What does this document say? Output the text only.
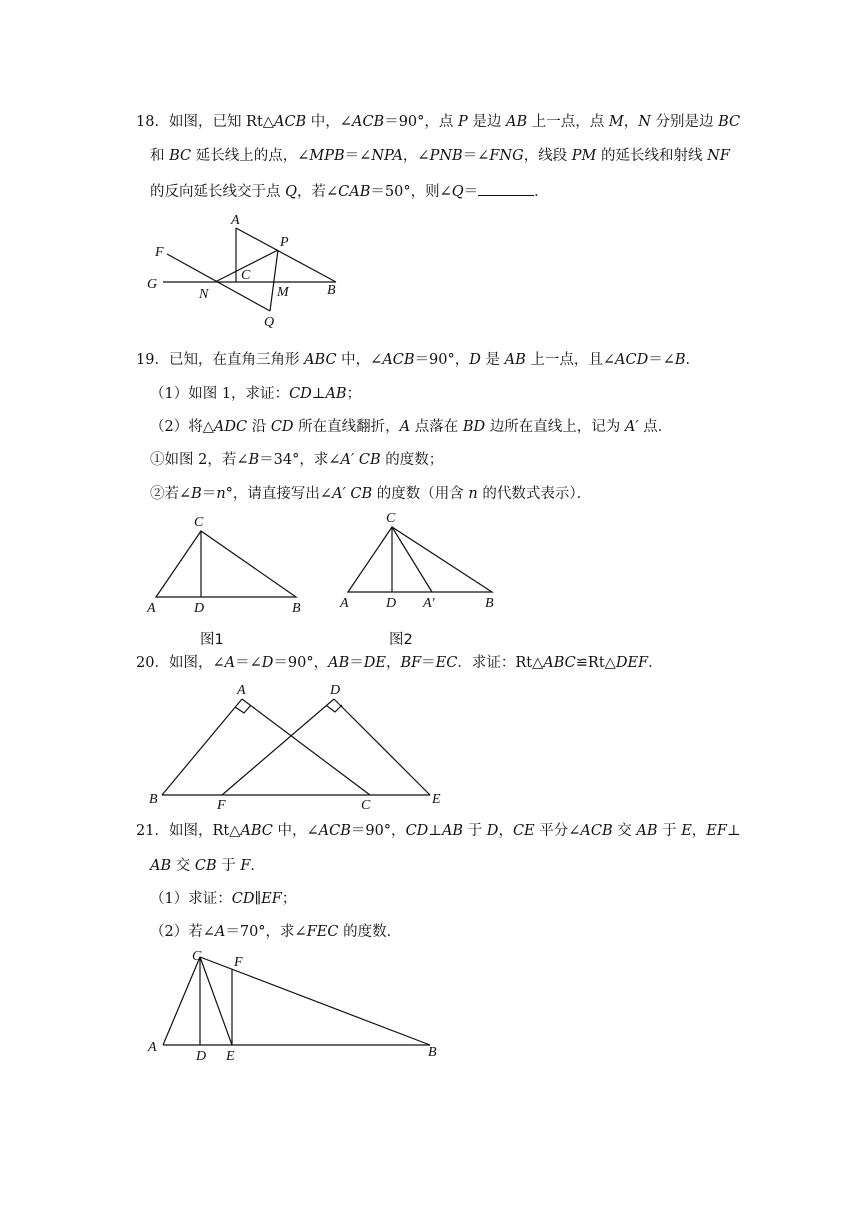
18．如图，已知 Rt△ACB 中，∠ACB＝90°，点 P 是边 AB 上一点，点 M，N 分别是边 BC
和 BC 延长线上的点，∠MPB＝∠NPA，∠PNB＝∠FNG，线段 PM 的延长线和射线 NF
的反向延长线交于点 Q，若∠CAB＝50°，则∠Q＝	．
A
P
F
C
G
N	M	B
Q
19．已知，在直角三角形 ABC 中，∠ACB＝90°，D 是 AB 上一点，且∠ACD＝∠B．
（1）如图 1，求证：CD⊥AB；
（2）将△ADC 沿 CD 所在直线翻折，A 点落在 BD 边所在直线上，记为 A′ 点．
①如图 2，若∠B＝34°，求∠A′ CB 的度数；
②若∠B＝n°，请直接写出∠A′ CB 的度数（用含 n 的代数式表示）．
C
A	D	B
图1
C
A	D A′	B
图2
20．如图，∠A＝∠D＝90°，AB＝DE，BF＝EC．求证：Rt△ABC≌Rt△DEF．
A	D
B	F	C	E
21．如图，Rt△ABC 中，∠ACB＝90°，CD⊥AB 于 D，CE 平分∠ACB 交 AB 于 E，EF⊥
AB 交 CB 于 F．
（1）求证：CD∥EF；
（2）若∠A＝70°，求∠FEC 的度数．
C F
A
D E	B
